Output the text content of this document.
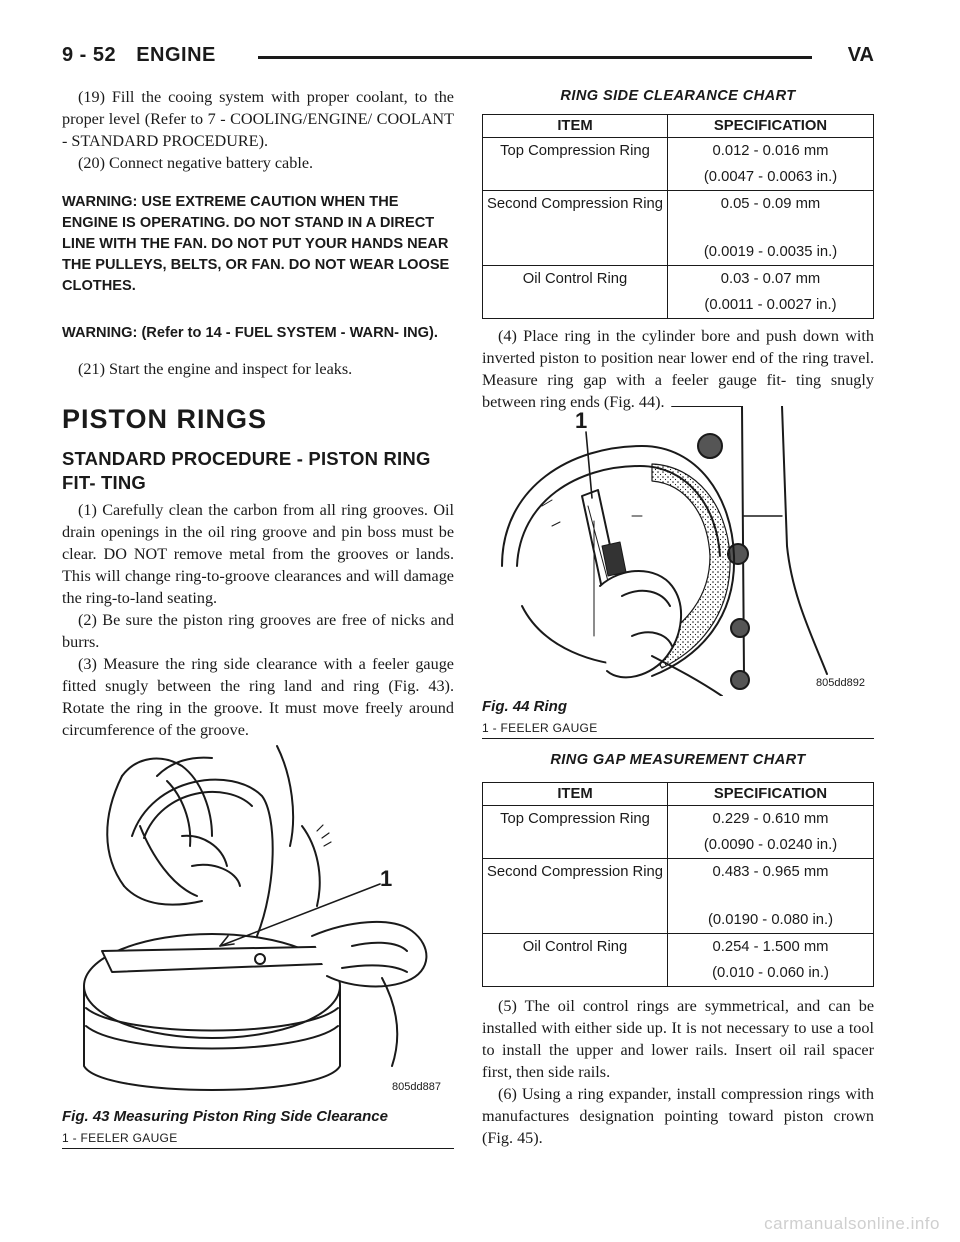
9 - 52 ENGINE	VA

(19) Fill the cooing system with proper coolant, to the proper level (Refer to 7 - COOLING/ENGINE/ COOLANT - STANDARD PROCEDURE).

(20) Connect negative battery cable.

WARNING: USE EXTREME CAUTION WHEN THE ENGINE IS OPERATING. DO NOT STAND IN A DIRECT LINE WITH THE FAN. DO NOT PUT YOUR HANDS NEAR THE PULLEYS, BELTS, OR FAN. DO NOT WEAR LOOSE CLOTHES.

WARNING: (Refer to 14 - FUEL SYSTEM - WARN- ING).

(21) Start the engine and inspect for leaks.

PISTON RINGS
STANDARD PROCEDURE - PISTON RING FIT- TING

(1) Carefully clean the carbon from all ring grooves. Oil drain openings in the oil ring groove and pin boss must be clear. DO NOT remove metal from the grooves or lands. This will change ring-to-groove clearances and will damage the ring-to-land seating.

(2) Be sure the piston ring grooves are free of nicks and burrs.

(3) Measure the ring side clearance with a feeler gauge fitted snugly between the ring land and ring (Fig. 43). Rotate the ring in the groove. It must move freely around circumference of the groove.

1
805dd887

Fig. 43 Measuring Piston Ring Side Clearance

1 - FEELER GAUGE

RING SIDE CLEARANCE CHART

ITEM	SPECIFICATION
Top Compression Ring	0.012 - 0.016 mm
(0.0047 - 0.0063 in.)

Second Compression Ring	0.05 - 0.09 mm
(0.0019 - 0.0035 in.)

Oil Control Ring	0.03 - 0.07 mm
(0.0011 - 0.0027 in.)

(4) Place ring in the cylinder bore and push down with inverted piston to position near lower end of the ring travel. Measure ring gap with a feeler gauge fit- ting snugly between ring ends (Fig. 44).

1
805dd892

Fig. 44 Ring

1 - FEELER GAUGE

RING GAP MEASUREMENT CHART

ITEM	SPECIFICATION
Top Compression Ring	0.229 - 0.610 mm
(0.0090 - 0.0240 in.)

Second Compression Ring	0.483 - 0.965 mm
(0.0190 - 0.080 in.)

Oil Control Ring	0.254 - 1.500 mm
(0.010 - 0.060 in.)

(5) The oil control rings are symmetrical, and can be installed with either side up. It is not necessary to use a tool to install the upper and lower rails. Insert oil rail spacer first, then side rails.

(6) Using a ring expander, install compression rings with manufactures designation pointing toward piston crown (Fig. 45).

carmanualsonline.info
